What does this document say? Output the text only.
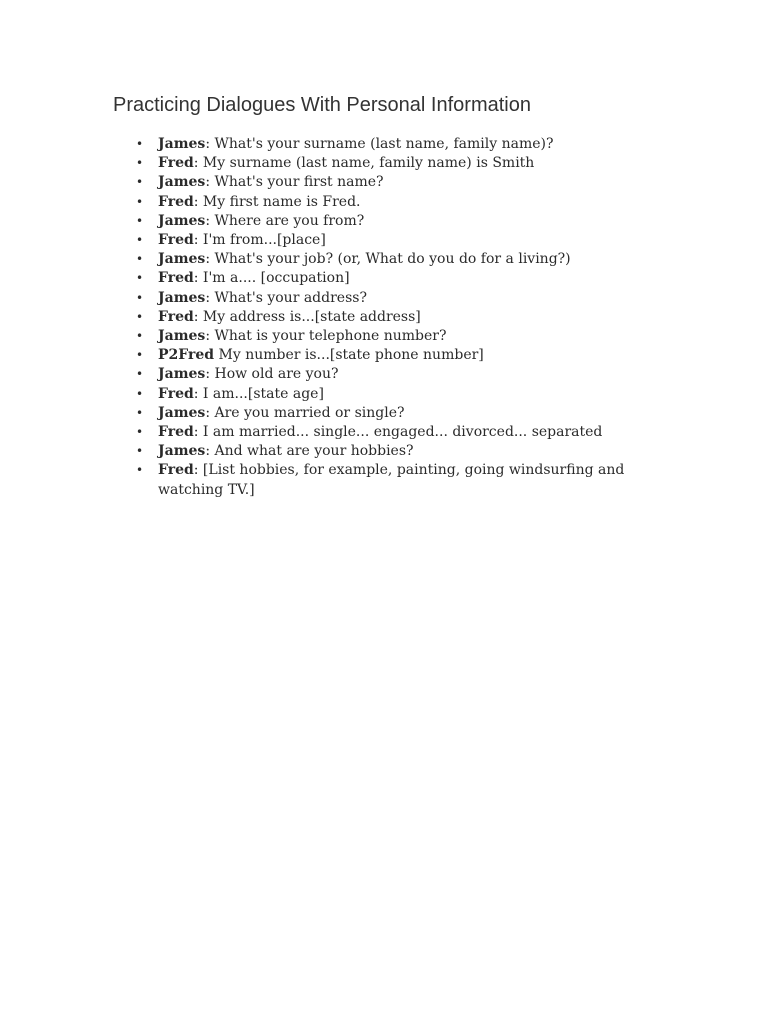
Practicing Dialogues With Personal Information
• James: What's your surname (last name, family name)?
• Fred: My surname (last name, family name) is Smith
• James: What's your first name?
• Fred: My first name is Fred.
• James: Where are you from?
• Fred: I'm from...[place]
• James: What's your job? (or, What do you do for a living?)
• Fred: I'm a.... [occupation]
• James: What's your address?
• Fred: My address is...[state address]
• James: What is your telephone number?
• P2Fred My number is...[state phone number]
• James: How old are you?
• Fred: I am...[state age]
• James: Are you married or single?
• Fred: I am married... single... engaged... divorced... separated
• James: And what are your hobbies?
• Fred: [List hobbies, for example, painting, going windsurfing and watching TV.]
